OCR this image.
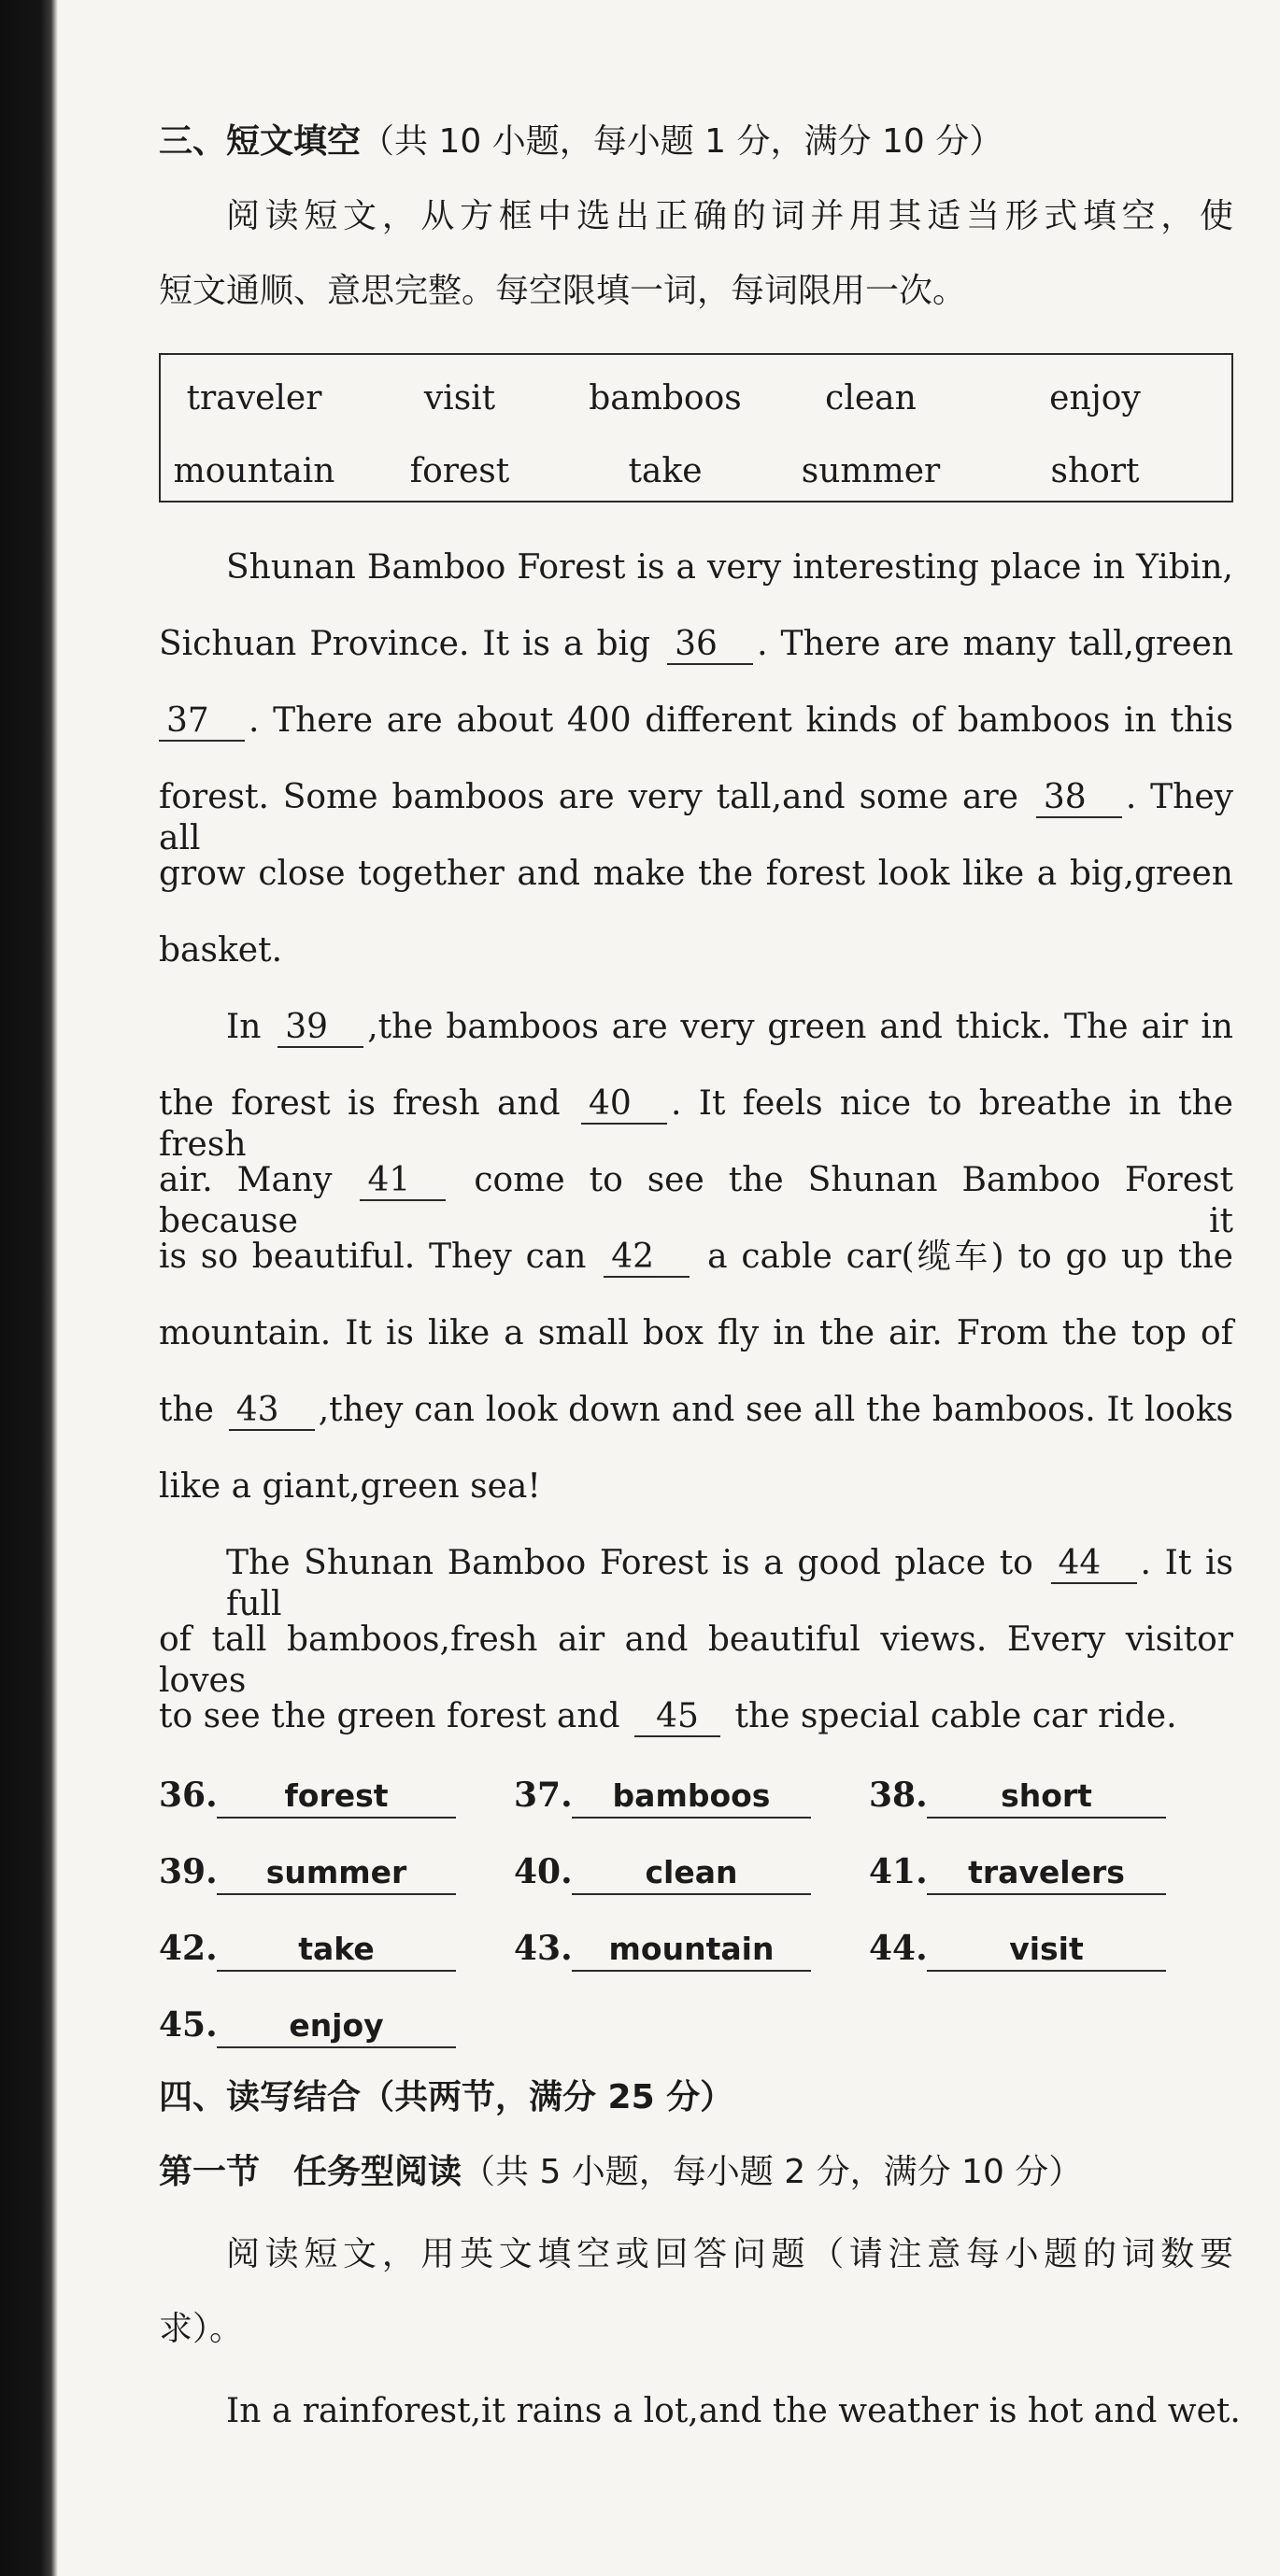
三、短文填空（共 10 小题，每小题 1 分，满分 10 分）
阅读短文，从方框中选出正确的词并用其适当形式填空，使
短文通顺、意思完整。每空限填一词，每词限用一次。
traveler	visit	bamboos	clean	enjoy
mountain	forest	take	summer	short
Shunan Bamboo Forest is a very interesting place in Yibin,
Sichuan Province. It is a big 36 . There are many tall,green
37 . There are about 400 different kinds of bamboos in this
forest. Some bamboos are very tall,and some are 38 . They all
grow close together and make the forest look like a big,green
basket.
In 39 ,the bamboos are very green and thick. The air in
the forest is fresh and 40 . It feels nice to breathe in the fresh
air. Many 41 come to see the Shunan Bamboo Forest because it
is so beautiful. They can 42 a cable car(缆车) to go up the
mountain. It is like a small box fly in the air. From the top of
the 43 ,they can look down and see all the bamboos. It looks
like a giant,green sea!
The Shunan Bamboo Forest is a good place to 44 . It is full
of tall bamboos,fresh air and beautiful views. Every visitor loves
to see the green forest and 45 the special cable car ride.
36. forest	37. bamboos	38. short
39. summer	40. clean	41. travelers
42.	take	43. mountain	44.	visit
45. enjoy
四、读写结合（共两节，满分 25 分）
第一节　任务型阅读（共 5 小题，每小题 2 分，满分 10 分）
阅读短文，用英文填空或回答问题（请注意每小题的词数要
求）。
In a rainforest,it rains a lot,and the weather is hot and wet.
